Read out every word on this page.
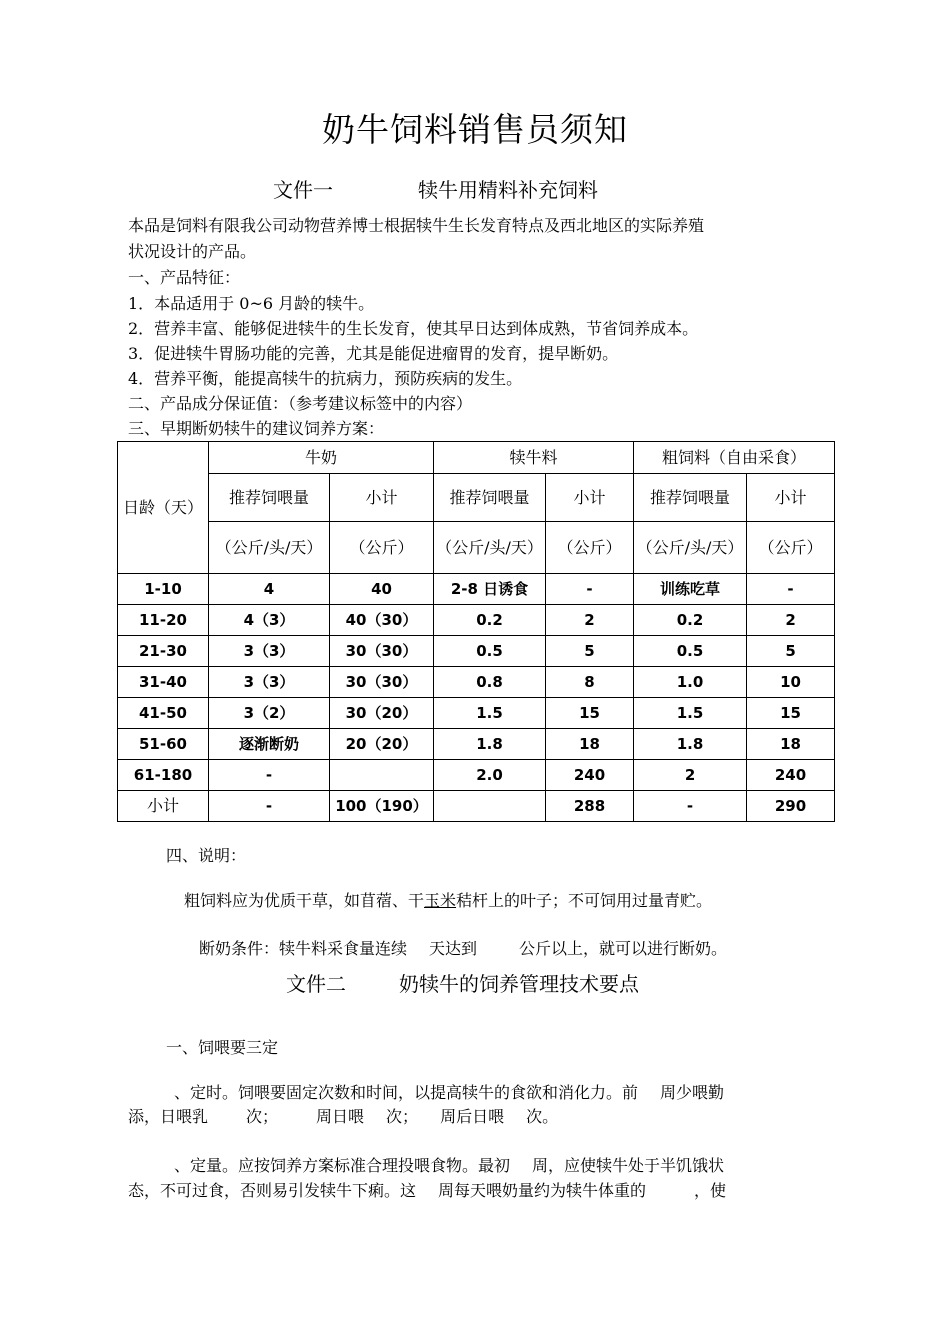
奶牛饲料销售员须知
文件一	犊牛用精料补充饲料
本品是饲料有限我公司动物营养博士根据犊牛生长发育特点及西北地区的实际养殖
状况设计的产品。
一、产品特征：
1．本品适用于 0~6 月龄的犊牛。
2．营养丰富、能够促进犊牛的生长发育，使其早日达到体成熟，节省饲养成本。
3．促进犊牛胃肠功能的完善，尤其是能促进瘤胃的发育，提早断奶。
4．营养平衡，能提高犊牛的抗病力，预防疾病的发生。
二、产品成分保证值：（参考建议标签中的内容）
三、早期断奶犊牛的建议饲养方案：
日龄（天）	牛奶		犊牛料		粗饲料（自由采食）	
	推荐饲喂量	小计	推荐饲喂量	小计	推荐饲喂量	小计
	（公斤/头/天）	（公斤）	（公斤/头/天）	（公斤）	（公斤/头/天）	（公斤）
1-10	4	40	2-8 日诱食	-	训练吃草	-
11-20	4（3）	40（30）	0.2	2	0.2	2
21-30	3（3）	30（30）	0.5	5	0.5	5
31-40	3（3）	30（30）	0.8	8	1.0	10
41-50	3（2）	30（20）	1.5	15	1.5	15
51-60	逐渐断奶	20（20）	1.8	18	1.8	18
61-180	-		2.0	240	2	240
小计	-	100（190）		288	-	290
四、说明：
粗饲料应为优质干草，如苜蓿、干玉米秸杆上的叶子；不可饲用过量青贮。
断奶条件：犊牛料采食量连续 天达到	公斤以上，就可以进行断奶。
文件二	奶犊牛的饲养管理技术要点
一、饲喂要三定
、定时。饲喂要固定次数和时间，以提高犊牛的食欲和消化力。前 周少喂勤
添，日喂乳 次； 周日喂 次； 周后日喂 次。
、定量。应按饲养方案标准合理投喂食物。最初 周，应使犊牛处于半饥饿状
态，不可过食，否则易引发犊牛下痢。这 周每天喂奶量约为犊牛体重的	，使
